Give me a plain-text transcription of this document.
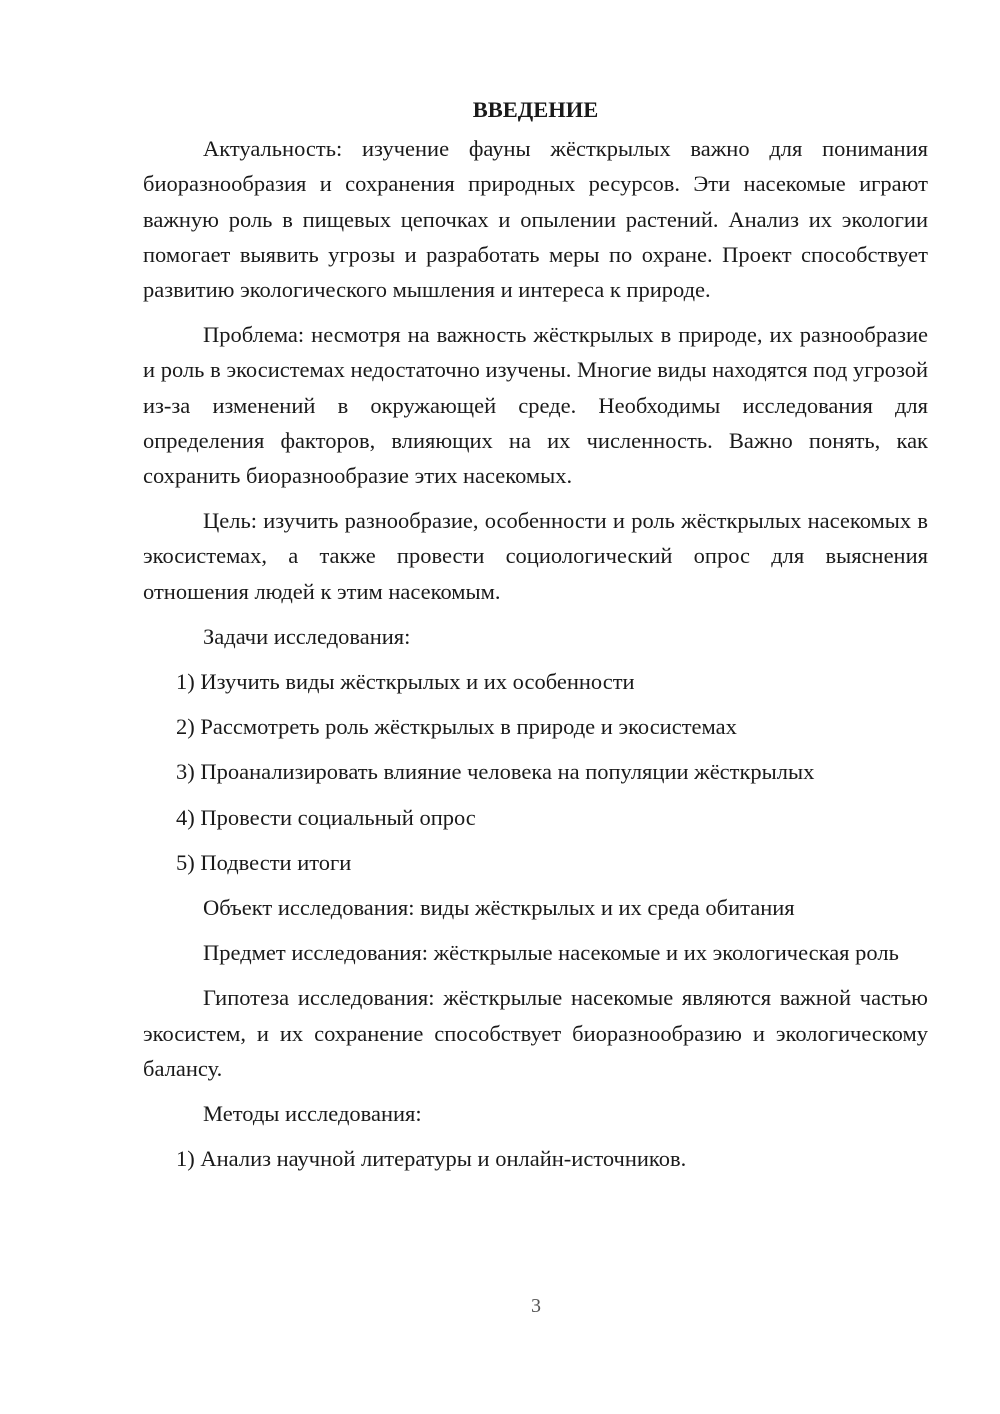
ВВЕДЕНИЕ

Актуальность: изучение фауны жёсткрылых важно для понимания биоразнообразия и сохранения природных ресурсов. Эти насекомые играют важную роль в пищевых цепочках и опылении растений. Анализ их экологии помогает выявить угрозы и разработать меры по охране. Проект способствует развитию экологического мышления и интереса к природе.

Проблема: несмотря на важность жёсткрылых в природе, их разнообразие и роль в экосистемах недостаточно изучены. Многие виды находятся под угрозой из-за изменений в окружающей среде. Необходимы исследования для определения факторов, влияющих на их численность. Важно понять, как сохранить биоразнообразие этих насекомых.

Цель: изучить разнообразие, особенности и роль жёсткрылых насекомых в экосистемах, а также провести социологический опрос для выяснения отношения людей к этим насекомым.

Задачи исследования:

1) Изучить виды жёсткрылых и их особенности

2) Рассмотреть роль жёсткрылых в природе и экосистемах

3) Проанализировать влияние человека на популяции жёсткрылых

4) Провести социальный опрос

5) Подвести итоги

Объект исследования: виды жёсткрылых и их среда обитания

Предмет исследования: жёсткрылые насекомые и их экологическая роль

Гипотеза исследования: жёсткрылые насекомые являются важной частью экосистем, и их сохранение способствует биоразнообразию и экологическому балансу.

Методы исследования:

1) Анализ научной литературы и онлайн-источников.

3
